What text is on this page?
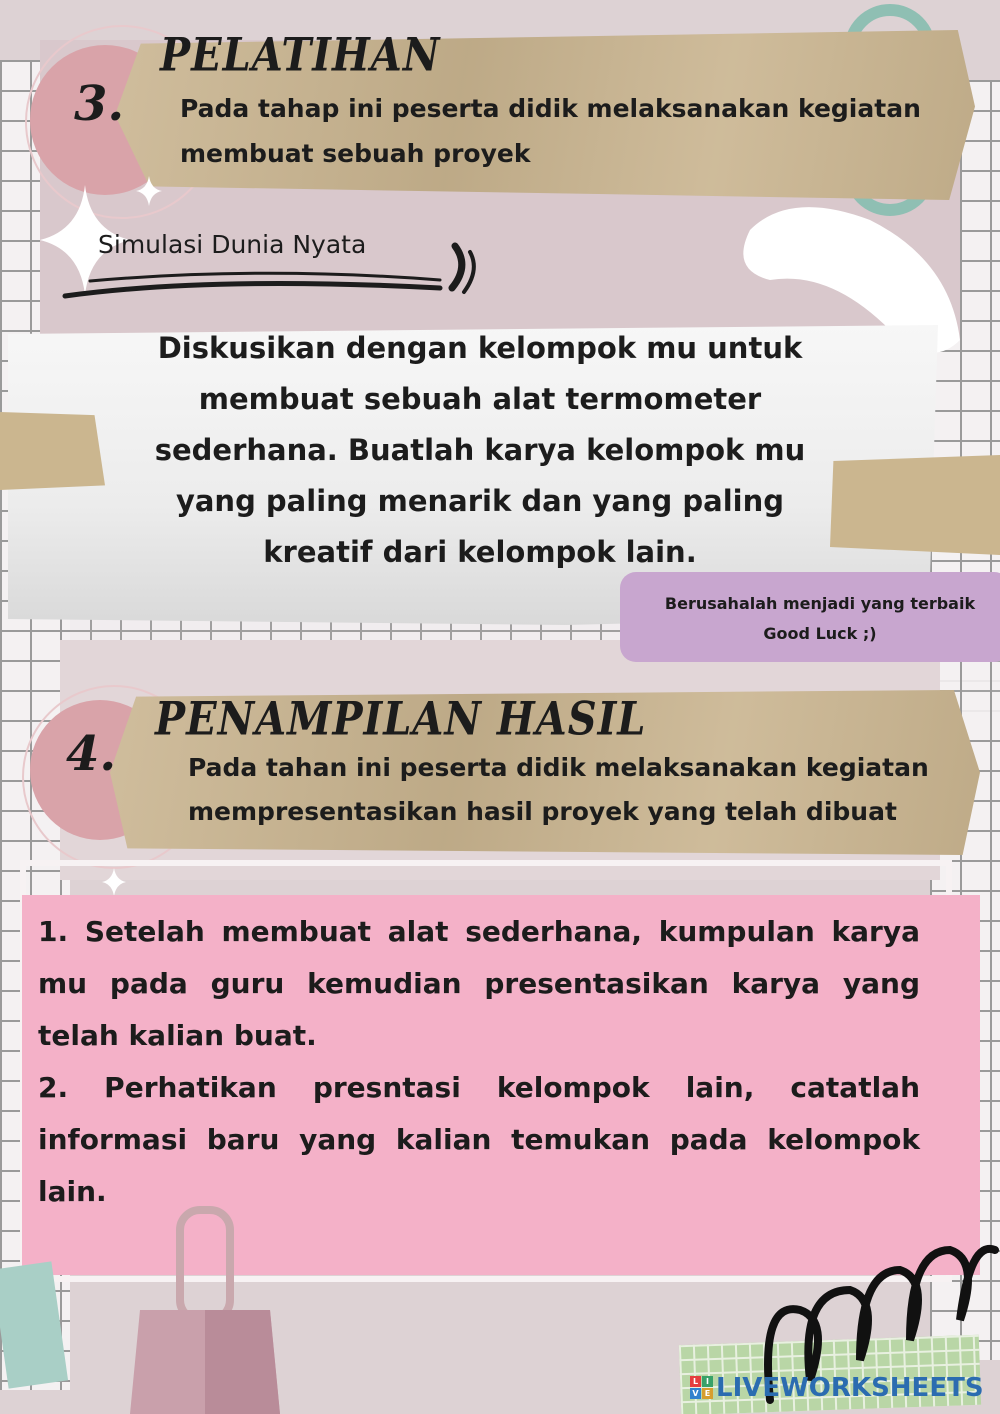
3.
PELATIHAN
Pada tahap ini peserta didik melaksanakan kegiatan
membuat sebuah proyek
Simulasi Dunia Nyata
Diskusikan dengan kelompok mu untuk
membuat sebuah alat termometer
sederhana. Buatlah karya kelompok mu
yang paling menarik dan yang paling
kreatif dari kelompok lain.
Berusahalah menjadi yang terbaik
Good Luck ;)
4.
PENAMPILAN HASIL
Pada tahan ini peserta didik melaksanakan kegiatan
mempresentasikan hasil proyek yang telah dibuat

1. Setelah membuat alat sederhana, kumpulan karya mu pada guru kemudian presentasikan karya yang telah kalian buat.

2. Perhatikan presntasi kelompok lain, catatlah informasi baru yang kalian temukan pada kelompok lain.

L I
V E LIVEWORKSHEETS
